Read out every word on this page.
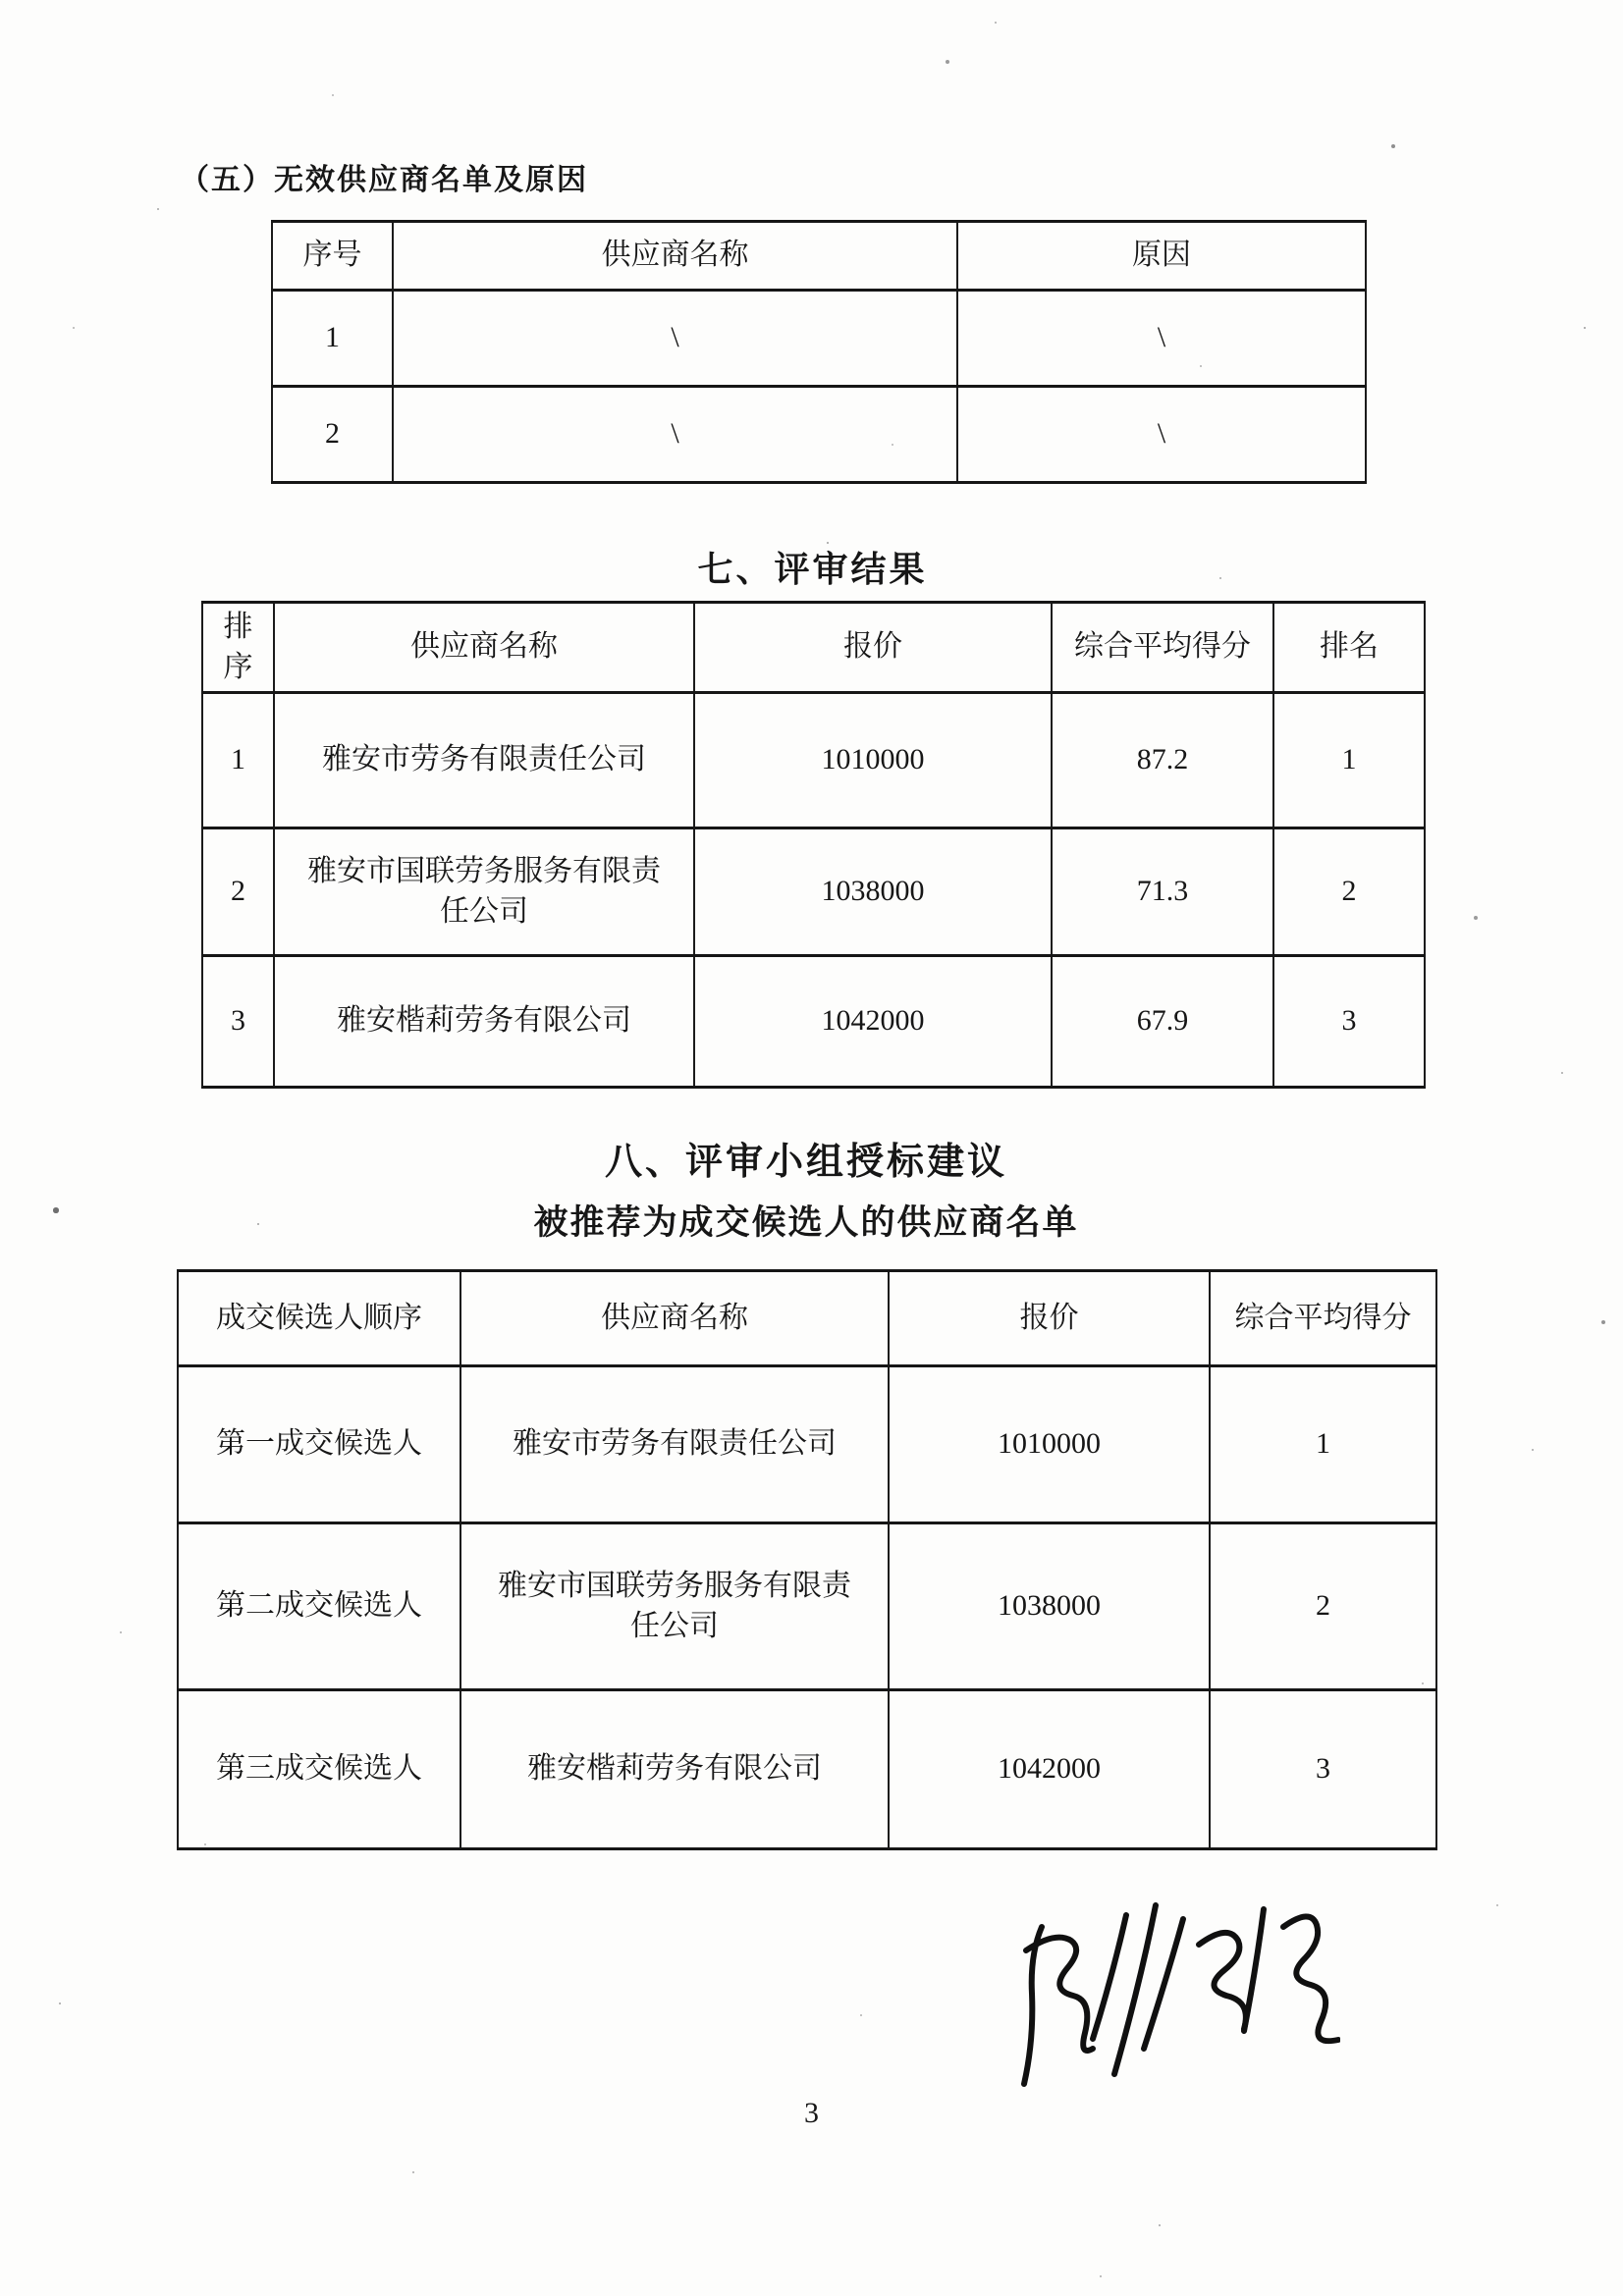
（五）无效供应商名单及原因
序号	供应商名称	原因
1	\	\
2	\	\
七、评审结果
排序	供应商名称	报价	综合平均得分	排名
1	雅安市劳务有限责任公司	1010000	87.2	1
2	雅安市国联劳务服务有限责任公司	1038000	71.3	2
3	雅安楷莉劳务有限公司	1042000	67.9	3
八、评审小组授标建议
被推荐为成交候选人的供应商名单
成交候选人顺序	供应商名称	报价	综合平均得分
第一成交候选人	雅安市劳务有限责任公司	1010000	1
第二成交候选人	雅安市国联劳务服务有限责任公司	1038000	2
第三成交候选人	雅安楷莉劳务有限公司	1042000	3
3
